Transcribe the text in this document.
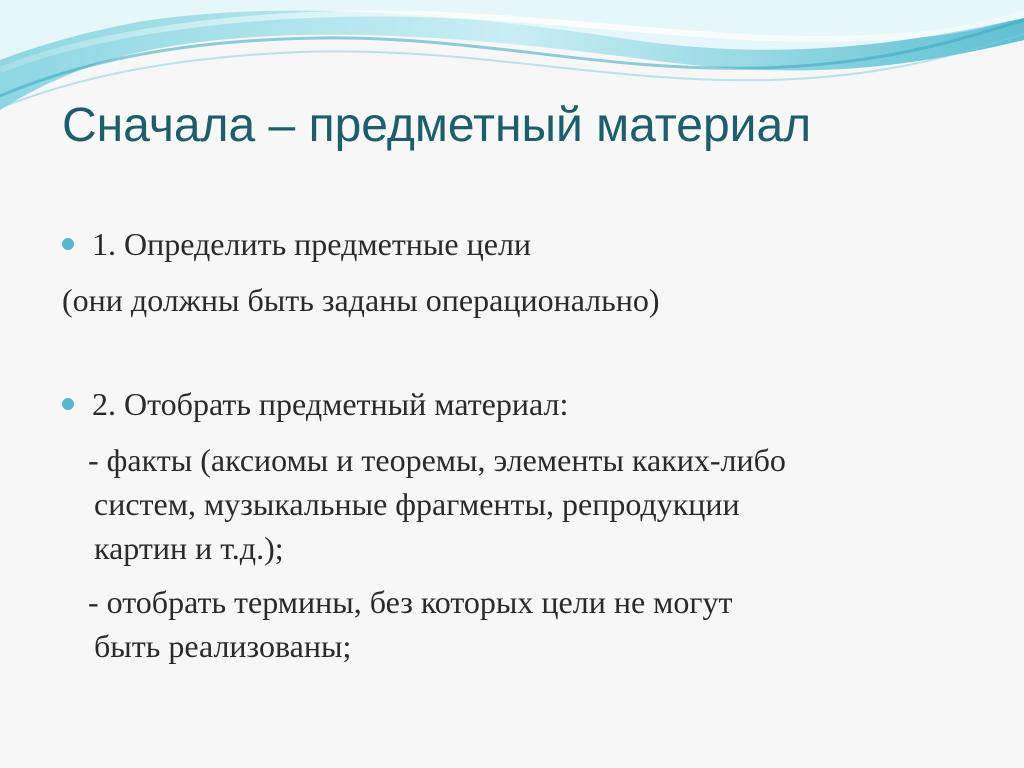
Сначала – предметный материал
1. Определить предметные цели
(они должны быть заданы операционально)
2. Отобрать предметный материал:
- факты (аксиомы и теоремы, элементы каких-либо
систем, музыкальные фрагменты, репродукции
картин и т.д.);
- отобрать термины, без которых цели не могут
быть реализованы;
